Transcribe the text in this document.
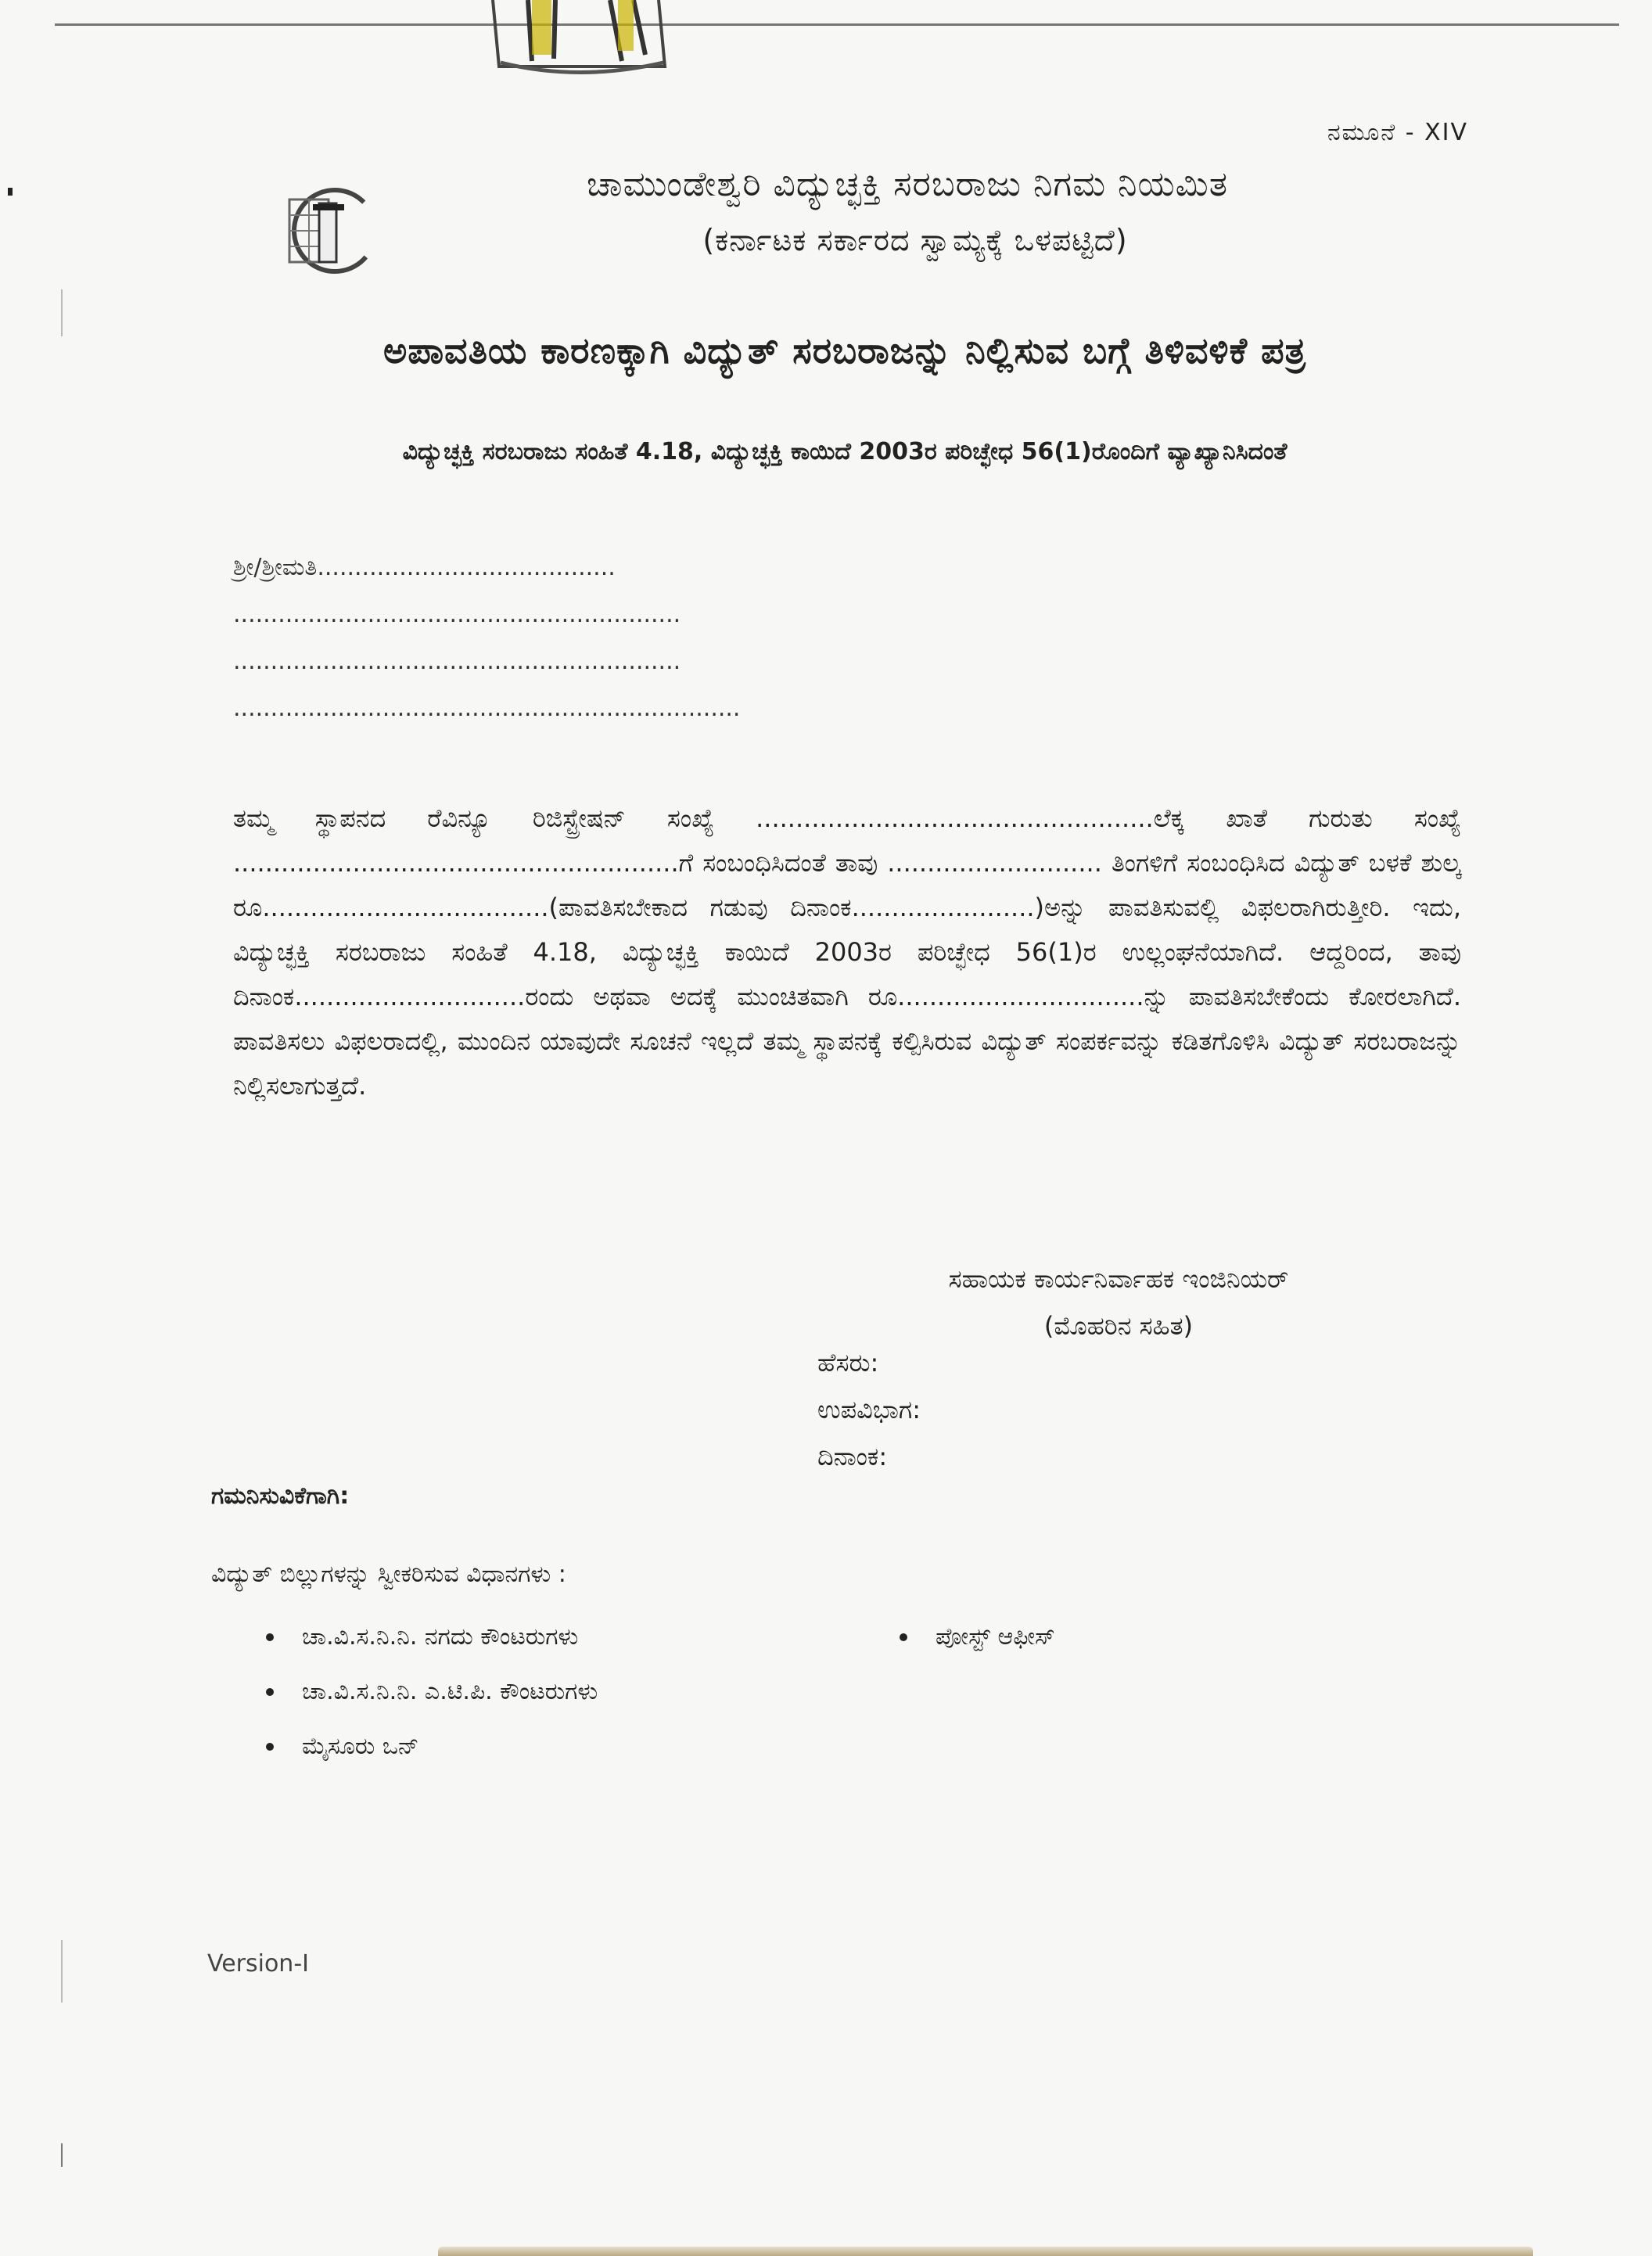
ನಮೂನೆ - XIV
ಚಾಮುಂಡೇಶ್ವರಿ ವಿದ್ಯುಚ್ಛಕ್ತಿ ಸರಬರಾಜು ನಿಗಮ ನಿಯಮಿತ
(ಕರ್ನಾಟಕ ಸರ್ಕಾರದ ಸ್ವಾಮ್ಯಕ್ಕೆ ಒಳಪಟ್ಟಿದೆ)
ಅಪಾವತಿಯ ಕಾರಣಕ್ಕಾಗಿ ವಿದ್ಯುತ್ ಸರಬರಾಜನ್ನು ನಿಲ್ಲಿಸುವ ಬಗ್ಗೆ ತಿಳಿವಳಿಕೆ ಪತ್ರ
ವಿದ್ಯುಚ್ಛಕ್ತಿ ಸರಬರಾಜು ಸಂಹಿತೆ 4.18, ವಿದ್ಯುಚ್ಛಕ್ತಿ ಕಾಯಿದೆ 2003ರ ಪರಿಚ್ಛೇಧ 56(1)ರೊಂದಿಗೆ ವ್ಯಾಖ್ಯಾನಿಸಿದಂತೆ
ಶ್ರೀ/ಶ್ರೀಮತಿ........................................
............................................................
............................................................
....................................................................
ತಮ್ಮ ಸ್ಥಾಪನದ ರೆವಿನ್ಯೂ ರಿಜಿಸ್ಟ್ರೇಷನ್ ಸಂಖ್ಯೆ ..................................................ಲೆಕ್ಕ ಖಾತೆ ಗುರುತು ಸಂಖ್ಯೆ ........................................................ಗೆ ಸಂಬಂಧಿಸಿದಂತೆ ತಾವು ........................... ತಿಂಗಳಿಗೆ ಸಂಬಂಧಿಸಿದ ವಿದ್ಯುತ್ ಬಳಕೆ ಶುಲ್ಕ ರೂ....................................(ಪಾವತಿಸಬೇಕಾದ ಗಡುವು ದಿನಾಂಕ.......................)ಅನ್ನು ಪಾವತಿಸುವಲ್ಲಿ ವಿಫಲರಾಗಿರುತ್ತೀರಿ. ಇದು, ವಿದ್ಯುಚ್ಛಕ್ತಿ ಸರಬರಾಜು ಸಂಹಿತೆ 4.18, ವಿದ್ಯುಚ್ಛಕ್ತಿ ಕಾಯಿದೆ 2003ರ ಪರಿಚ್ಛೇಧ 56(1)ರ ಉಲ್ಲಂಘನೆಯಾಗಿದೆ. ಆದ್ದರಿಂದ, ತಾವು ದಿನಾಂಕ.............................ರಂದು ಅಥವಾ ಅದಕ್ಕೆ ಮುಂಚಿತವಾಗಿ ರೂ...............................ನ್ನು ಪಾವತಿಸಬೇಕೆಂದು ಕೋರಲಾಗಿದೆ. ಪಾವತಿಸಲು ವಿಫಲರಾದಲ್ಲಿ, ಮುಂದಿನ ಯಾವುದೇ ಸೂಚನೆ ಇಲ್ಲದೆ ತಮ್ಮ ಸ್ಥಾಪನಕ್ಕೆ ಕಲ್ಪಿಸಿರುವ ವಿದ್ಯುತ್ ಸಂಪರ್ಕವನ್ನು ಕಡಿತಗೊಳಿಸಿ ವಿದ್ಯುತ್ ಸರಬರಾಜನ್ನು ನಿಲ್ಲಿಸಲಾಗುತ್ತದೆ.
ಸಹಾಯಕ ಕಾರ್ಯನಿರ್ವಾಹಕ ಇಂಜಿನಿಯರ್
(ಮೊಹರಿನ ಸಹಿತ)
ಹೆಸರು:
ಉಪವಿಭಾಗ:
ದಿನಾಂಕ:
ಗಮನಿಸುವಿಕೆಗಾಗಿ:
ವಿದ್ಯುತ್ ಬಿಲ್ಲುಗಳನ್ನು ಸ್ವೀಕರಿಸುವ ವಿಧಾನಗಳು :
ಚಾ.ವಿ.ಸ.ನಿ.ನಿ. ನಗದು ಕೌಂಟರುಗಳು
ಚಾ.ವಿ.ಸ.ನಿ.ನಿ. ಎ.ಟಿ.ಪಿ. ಕೌಂಟರುಗಳು
ಮೈಸೂರು ಒನ್
ಪೋಸ್ಟ್ ಆಫೀಸ್
Version-I
